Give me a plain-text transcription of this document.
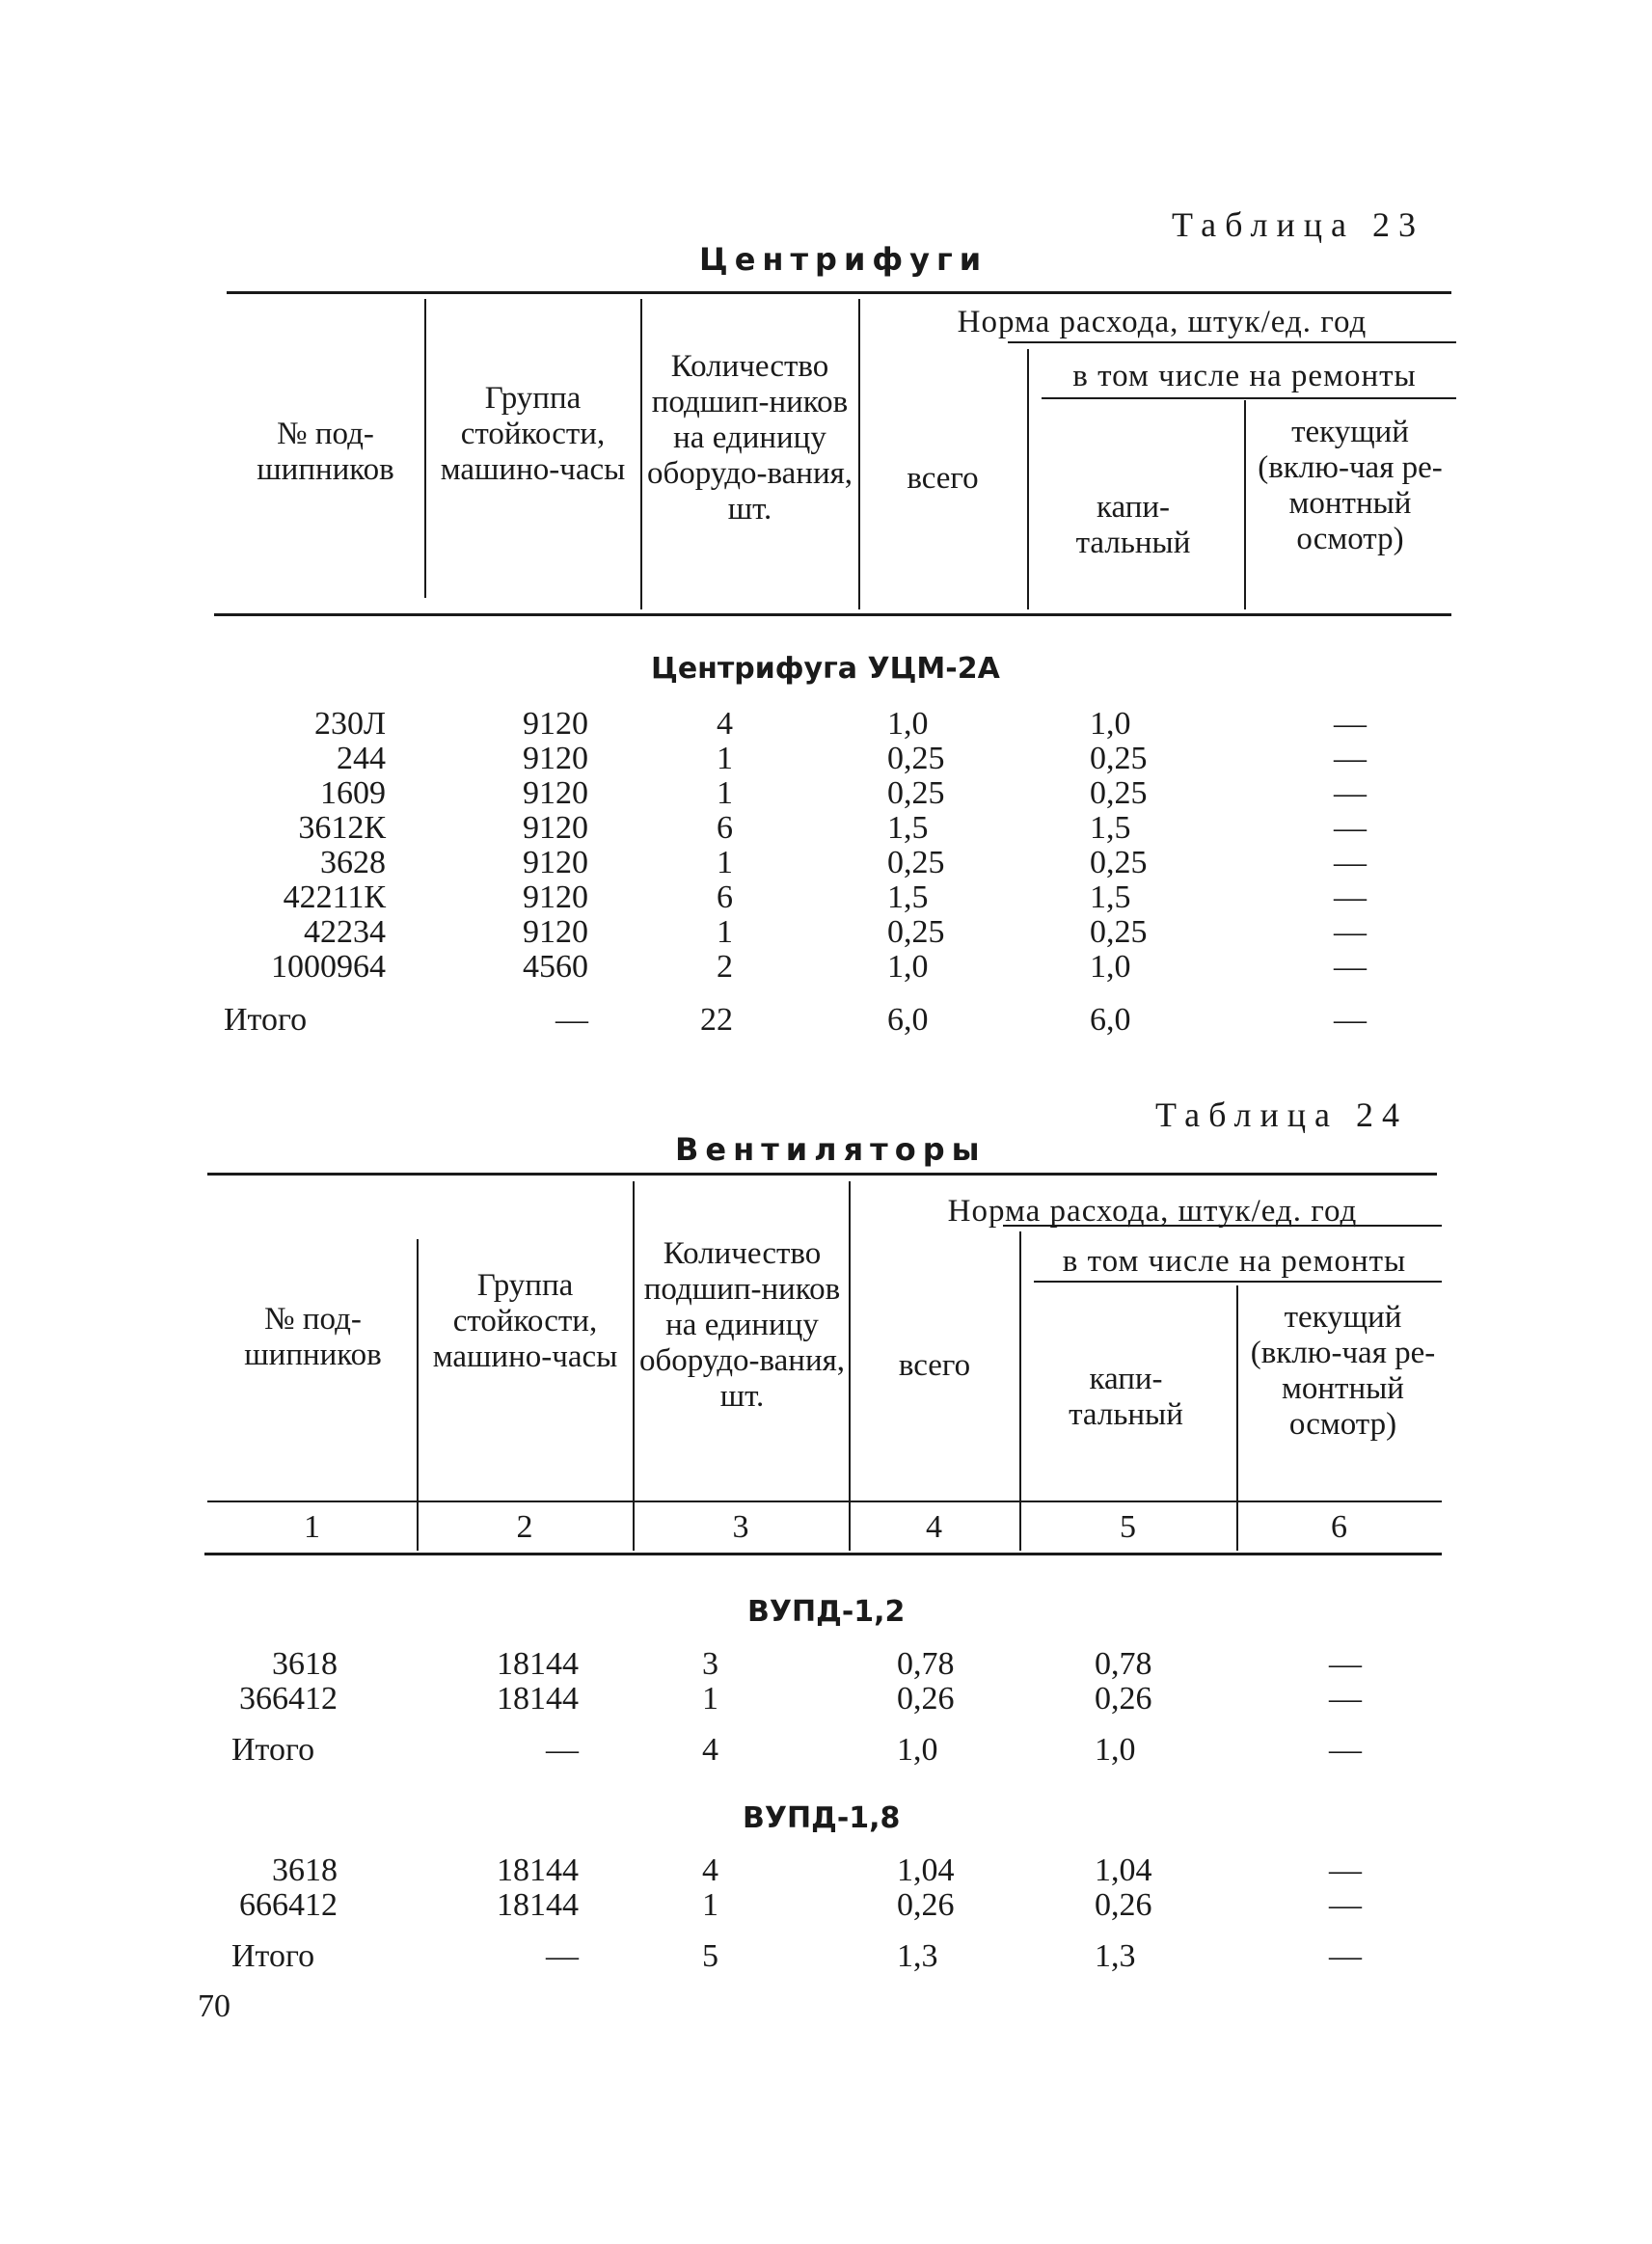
Таблица 23
Центрифуги
№ под-шипников
Группа стойкости, машино-часы
Количество подшип-ников на единицу оборудо-вания, шт.
Норма расхода, штук/ед. год
всего
в том числе на ремонты
капи-тальный
текущий (вклю-чая ре-монтный осмотр)
Центрифуга УЦМ-2А
230Л	9120	4	1,0	1,0	—
244	9120	1	0,25	0,25	—
1609	9120	1	0,25	0,25	—
3612К	9120	6	1,5	1,5	—
3628	9120	1	0,25	0,25	—
42211К	9120	6	1,5	1,5	—
42234	9120	1	0,25	0,25	—
1000964	4560	2	1,0	1,0	—
Итого	—	22	6,0	6,0	—
Таблица 24
Вентиляторы
№ под-шипников
Группа стойкости, машино-часы
Количество подшип-ников на единицу оборудо-вания, шт.
Норма расхода, штук/ед. год
всего
в том числе на ремонты
капи-тальный
текущий (вклю-чая ре-монтный осмотр)
1	2	3	4	5	6
ВУПД-1,2
3618	18144	3	0,78	0,78	—
366412	18144	1	0,26	0,26	—
Итого	—	4	1,0	1,0	—
ВУПД-1,8
3618	18144	4	1,04	1,04	—
666412	18144	1	0,26	0,26	—
Итого	—	5	1,3	1,3	—
70
